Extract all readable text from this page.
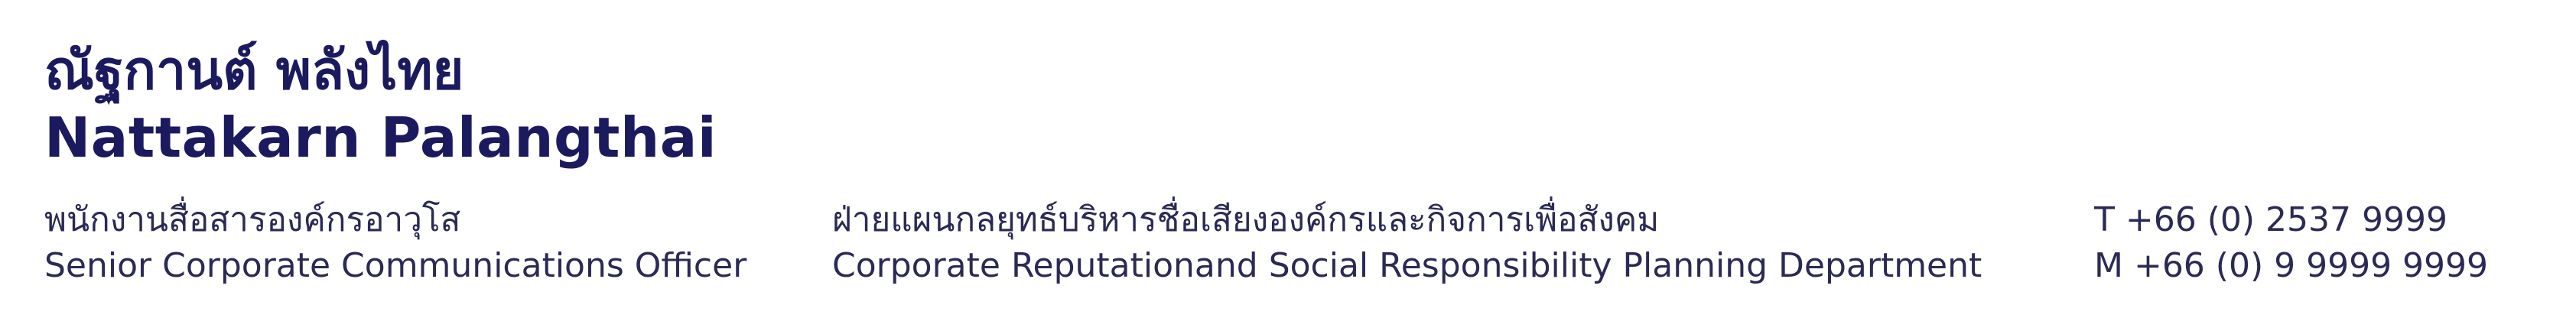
ณัฐกานต์ พลังไทย
Nattakarn Palangthai
พนักงานสื่อสารองค์กรอาวุโส
Senior Corporate Communications Officer
ฝ่ายแผนกลยุทธ์บริหารชื่อเสียงองค์กรและกิจการเพื่อสังคม
Corporate Reputationand Social Responsibility Planning Department
T +66 (0) 2537 9999
M +66 (0) 9 9999 9999
